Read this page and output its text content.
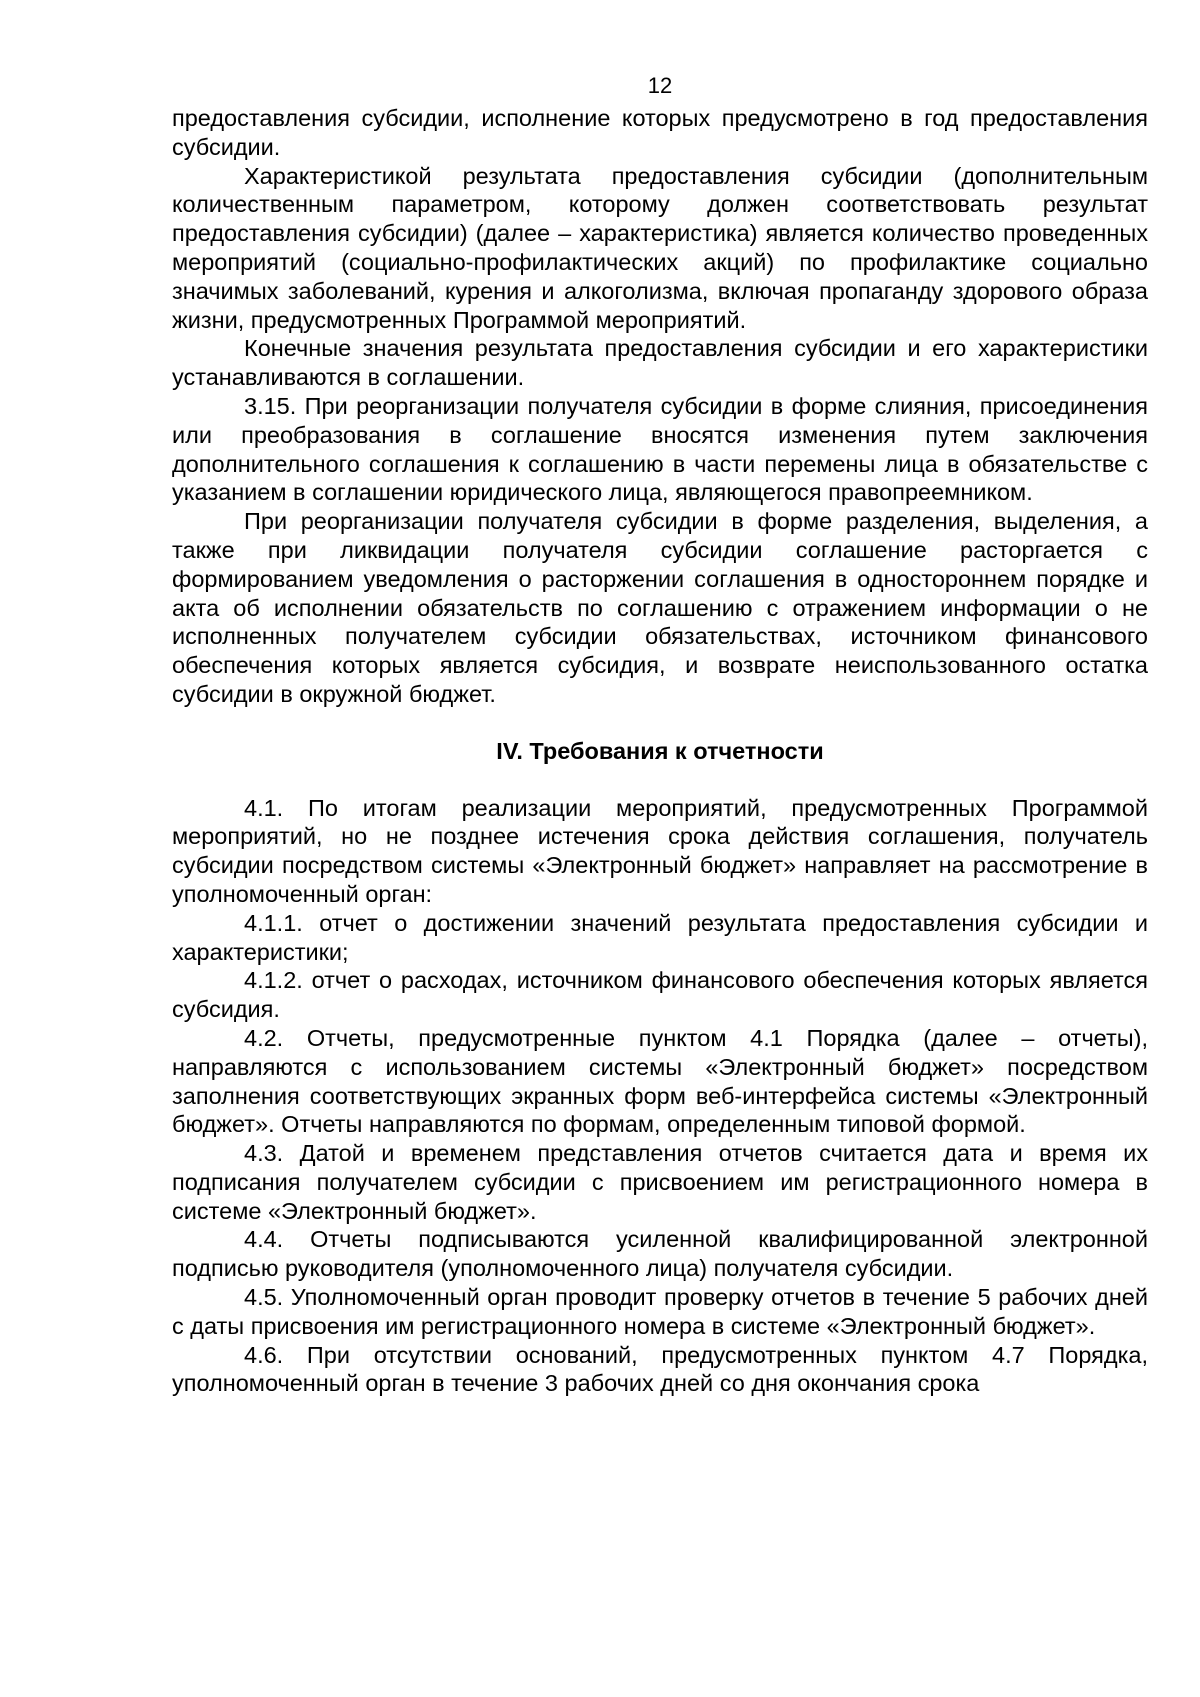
12

предоставления субсидии, исполнение которых предусмотрено в год предоставления субсидии.

Характеристикой результата предоставления субсидии (дополнительным количественным параметром, которому должен соответствовать результат предоставления субсидии) (далее – характеристика) является количество проведенных мероприятий (социально-профилактических акций) по профилактике социально значимых заболеваний, курения и алкоголизма, включая пропаганду здорового образа жизни, предусмотренных Программой мероприятий.

Конечные значения результата предоставления субсидии и его характеристики устанавливаются в соглашении.

3.15. При реорганизации получателя субсидии в форме слияния, присоединения или преобразования в соглашение вносятся изменения путем заключения дополнительного соглашения к соглашению в части перемены лица в обязательстве с указанием в соглашении юридического лица, являющегося правопреемником.

При реорганизации получателя субсидии в форме разделения, выделения, а также при ликвидации получателя субсидии соглашение расторгается с формированием уведомления о расторжении соглашения в одностороннем порядке и акта об исполнении обязательств по соглашению с отражением информации о не исполненных получателем субсидии обязательствах, источником финансового обеспечения которых является субсидия, и возврате неиспользованного остатка субсидии в окружной бюджет.

IV. Требования к отчетности

4.1. По итогам реализации мероприятий, предусмотренных Программой мероприятий, но не позднее истечения срока действия соглашения, получатель субсидии посредством системы «Электронный бюджет» направляет на рассмотрение в уполномоченный орган:

4.1.1. отчет о достижении значений результата предоставления субсидии и характеристики;

4.1.2. отчет о расходах, источником финансового обеспечения которых является субсидия.

4.2. Отчеты, предусмотренные пунктом 4.1 Порядка (далее – отчеты), направляются с использованием системы «Электронный бюджет» посредством заполнения соответствующих экранных форм веб-интерфейса системы «Электронный бюджет». Отчеты направляются по формам, определенным типовой формой.

4.3. Датой и временем представления отчетов считается дата и время их подписания получателем субсидии с присвоением им регистрационного номера в системе «Электронный бюджет».

4.4. Отчеты подписываются усиленной квалифицированной электронной подписью руководителя (уполномоченного лица) получателя субсидии.

4.5. Уполномоченный орган проводит проверку отчетов в течение 5 рабочих дней с даты присвоения им регистрационного номера в системе «Электронный бюджет».

4.6. При отсутствии оснований, предусмотренных пунктом 4.7 Порядка, уполномоченный орган в течение 3 рабочих дней со дня окончания срока
